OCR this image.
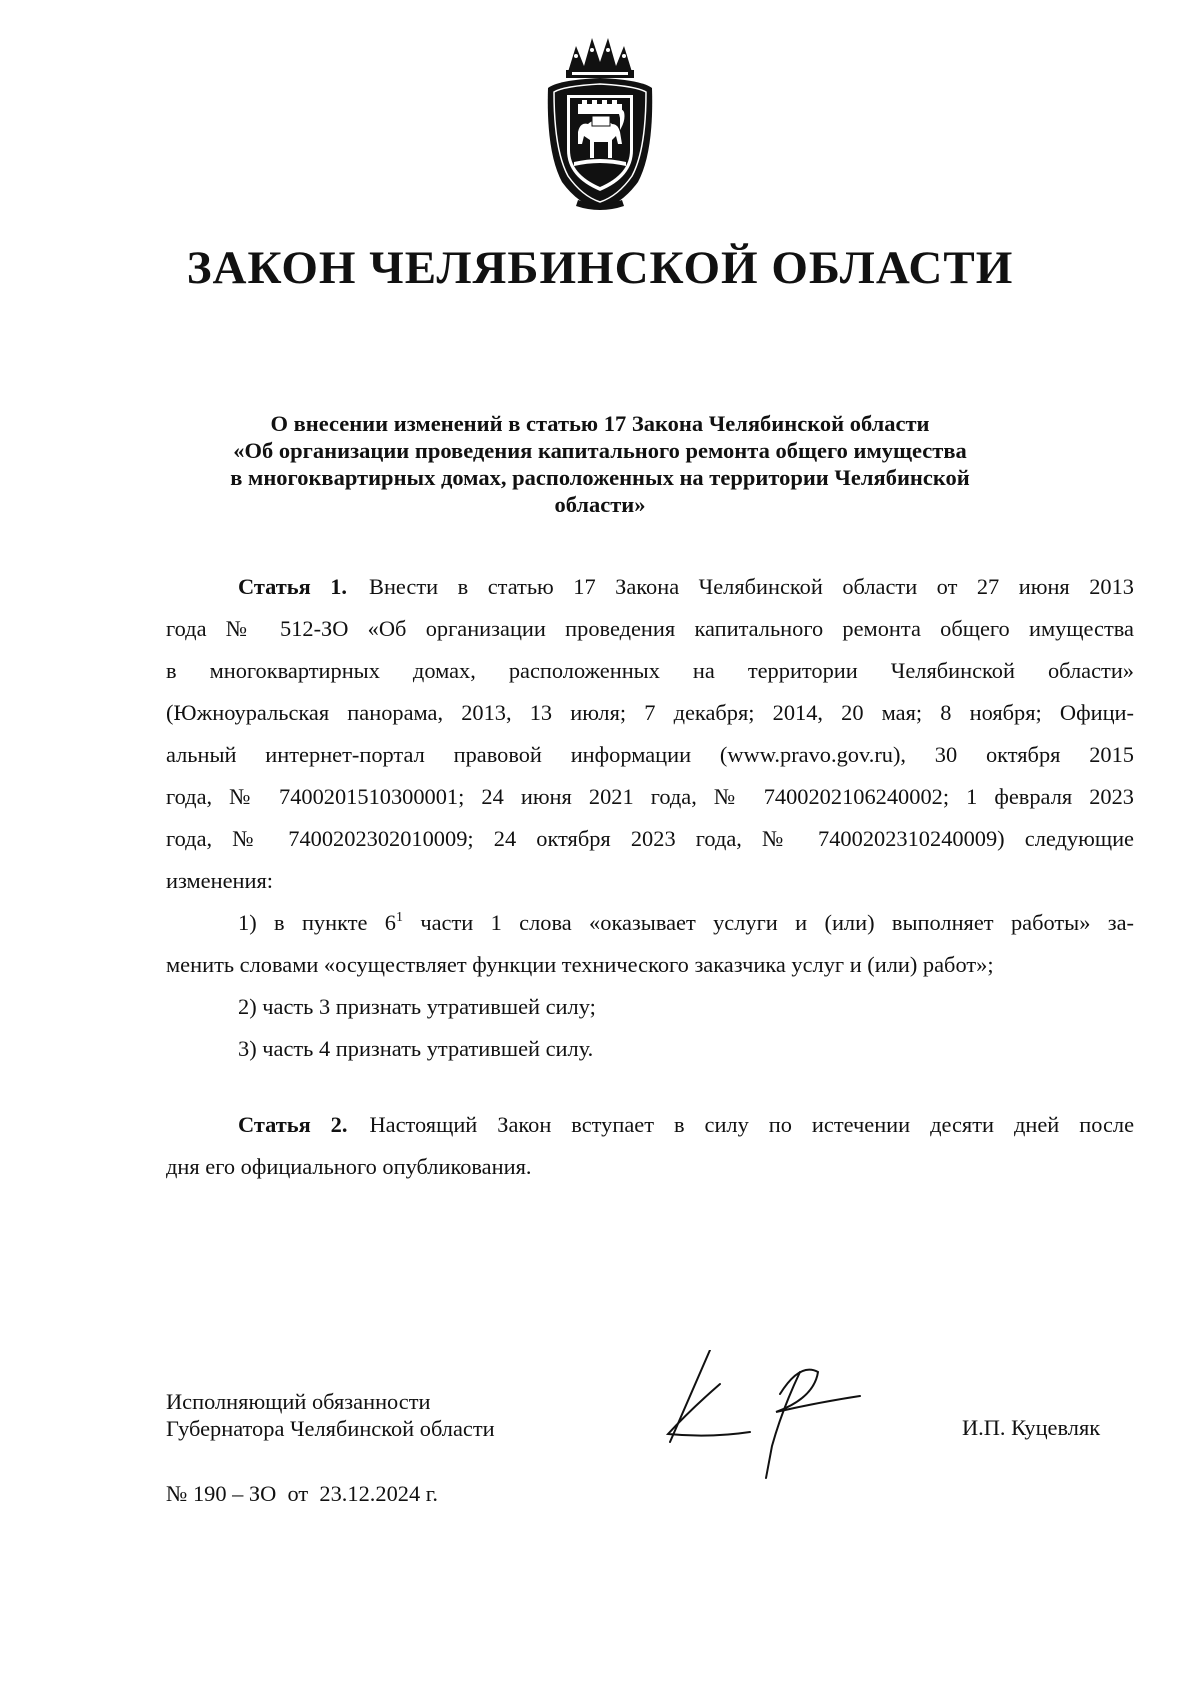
ЗАКОН ЧЕЛЯБИНСКОЙ ОБЛАСТИ
О внесении изменений в статью 17 Закона Челябинской области
«Об организации проведения капитального ремонта общего имущества
в многоквартирных домах, расположенных на территории Челябинской
области»
Статья 1. Внести в статью 17 Закона Челябинской области от 27 июня 2013
года № 512-ЗО «Об организации проведения капитального ремонта общего имущества
в многоквартирных домах, расположенных на территории Челябинской области»
(Южноуральская панорама, 2013, 13 июля; 7 декабря; 2014, 20 мая; 8 ноября; Офици-
альный интернет-портал правовой информации (www.pravo.gov.ru), 30 октября 2015
года, № 7400201510300001; 24 июня 2021 года, № 7400202106240002; 1 февраля 2023
года, № 7400202302010009; 24 октября 2023 года, № 7400202310240009) следующие
изменения:
1) в пункте $6^1$ части 1 слова «оказывает услуги и (или) выполняет работы» за-
менить словами «осуществляет функции технического заказчика услуг и (или) работ»;
2) часть 3 признать утратившей силу;
3) часть 4 признать утратившей силу.
Статья 2. Настоящий Закон вступает в силу по истечении десяти дней после
дня его официального опубликования.
Исполняющий обязанности
Губернатора Челябинской области	И.П. Куцевляк
№ 190 – ЗО  от  23.12.2024 г.
